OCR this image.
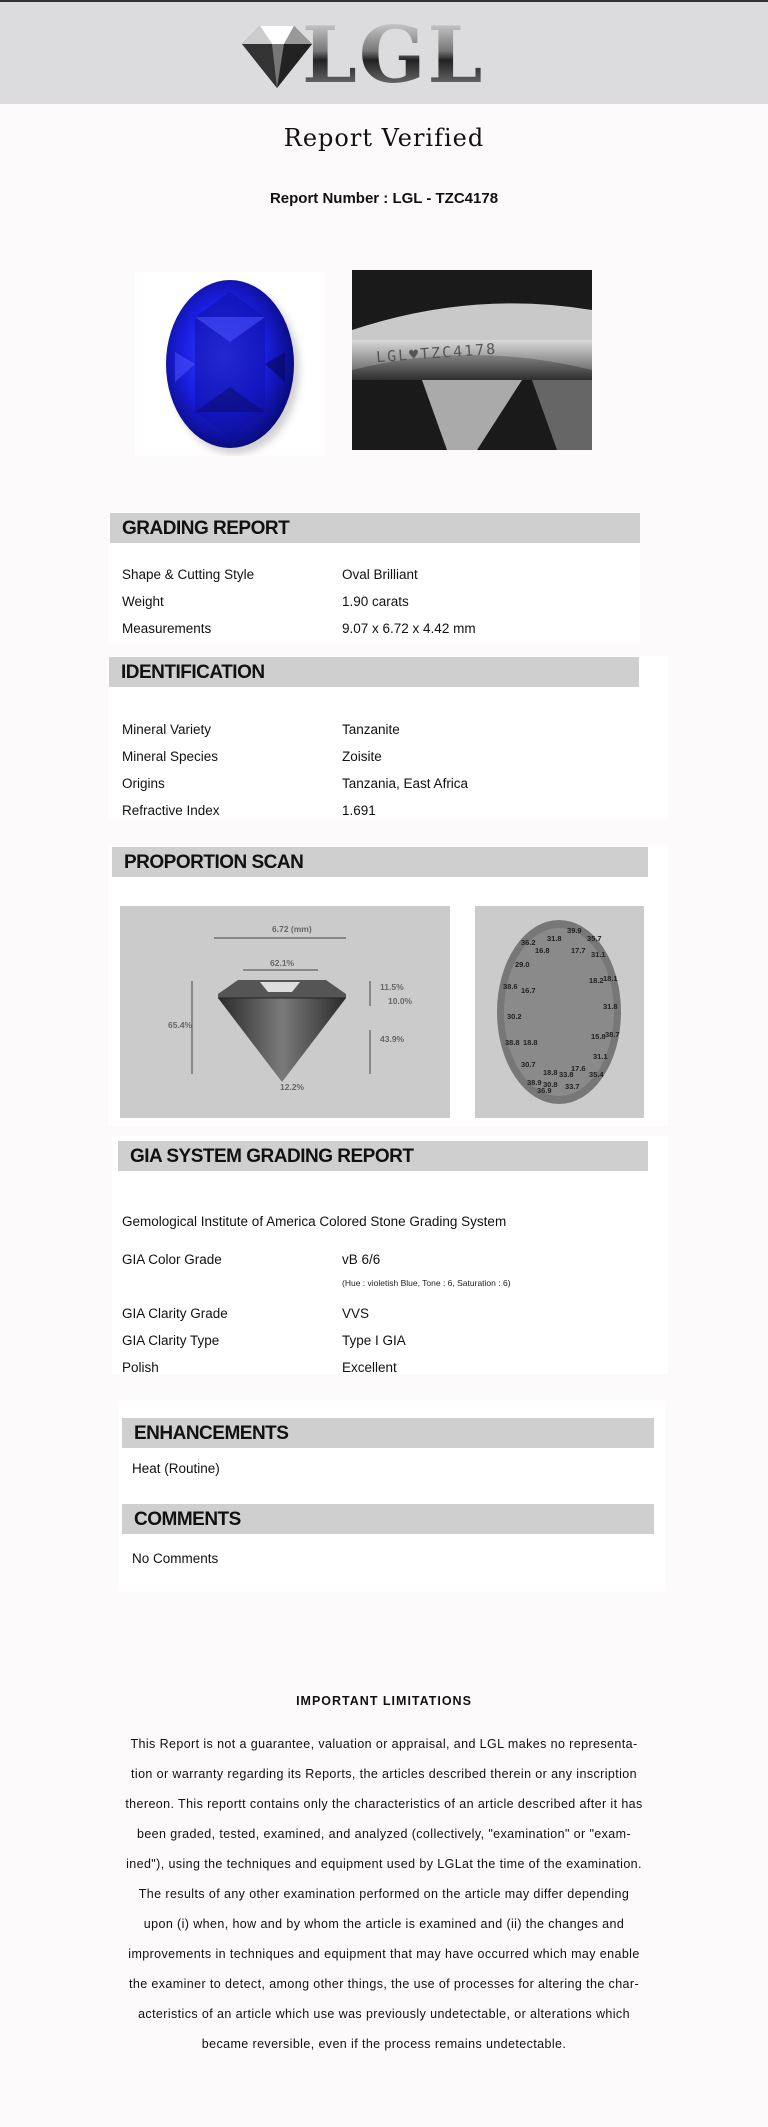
LGL
Report Verified
Report Number : LGL - TZC4178
LGL♥TZC4178
GRADING REPORT
Shape & Cutting Style	Oval Brilliant
Weight	1.90 carats
Measurements	9.07 x 6.72 x 4.42 mm
IDENTIFICATION
Mineral Variety	Tanzanite
Mineral Species	Zoisite
Origins	Tanzania, East Africa
Refractive Index	1.691
PROPORTION SCAN
6.72 (mm)
62.1%
65.4%
11.5%
10.0%
43.9%
12.2%
39.9
31.8
36.2	35.7
16.8	17.7 31.1
29.0
18.2 18.1
38.6 16.7
31.8
30.2
15.8 38.7
38.8 18.8
31.1
30.7	17.6
18.8 33.8 35.4
38.9 30.8 33.7
36.9
GIA SYSTEM GRADING REPORT
Gemological Institute of America Colored Stone Grading System
GIA Color Grade	vB 6/6
(Hue : violetish Blue, Tone : 6, Saturation : 6)
GIA Clarity Grade	VVS
GIA Clarity Type	Type I GIA
Polish	Excellent
ENHANCEMENTS
Heat (Routine)
COMMENTS
No Comments
IMPORTANT LIMITATIONS
This Report is not a guarantee, valuation or appraisal, and LGL makes no representa-
tion or warranty regarding its Reports, the articles described therein or any inscription
thereon. This reportt contains only the characteristics of an article described after it has
been graded, tested, examined, and analyzed (collectively, "examination" or "exam-
ined"), using the techniques and equipment used by LGLat the time of the examination.
The results of any other examination performed on the article may differ depending
upon (i) when, how and by whom the article is examined and (ii) the changes and
improvements in techniques and equipment that may have occurred which may enable
the examiner to detect, among other things, the use of processes for altering the char-
acteristics of an article which use was previously undetectable, or alterations which
became reversible, even if the process remains undetectable.
